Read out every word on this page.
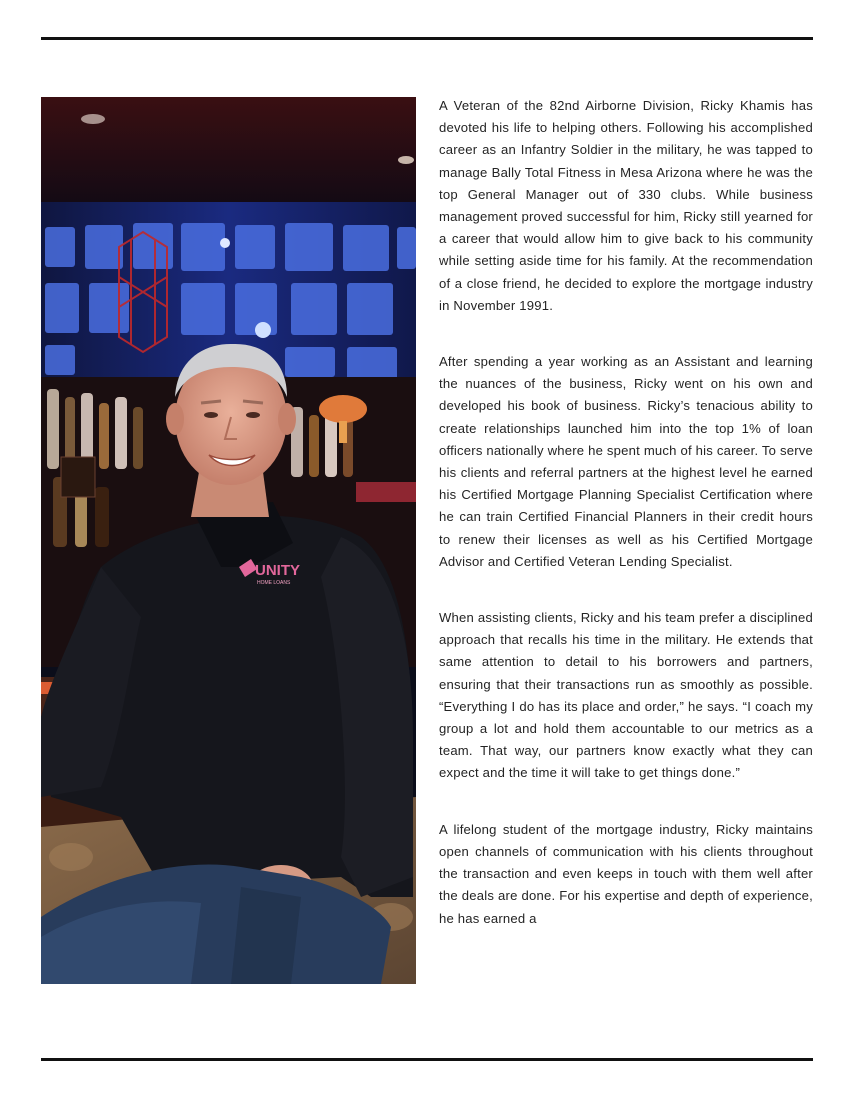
UNITY
HOME LOANS

A Veteran of the 82nd Airborne Division, Ricky Khamis has devoted his life to helping others. Following his accomplished career as an Infantry Soldier in the military, he was tapped to manage Bally Total Fitness in Mesa Arizona where he was the top General Manager out of 330 clubs. While business management proved successful for him, Ricky still yearned for a career that would allow him to give back to his community while setting aside time for his family. At the recommendation of a close friend, he decided to explore the mortgage industry in November 1991.

After spending a year working as an Assistant and learning the nuances of the business, Ricky went on his own and developed his book of business. Ricky’s tenacious ability to create relationships launched him into the top 1% of loan officers nationally where he spent much of his career. To serve his clients and referral partners at the highest level he earned his Certified Mortgage Planning Specialist Certification where he can train Certified Financial Planners in their credit hours to renew their licenses as well as his Certified Mortgage Advisor and Certified Veteran Lending Specialist.

When assisting clients, Ricky and his team prefer a disciplined approach that recalls his time in the military. He extends that same attention to detail to his borrowers and partners, ensuring that their transactions run as smoothly as possible. “Everything I do has its place and order,” he says. “I coach my group a lot and hold them accountable to our metrics as a team. That way, our partners know exactly what they can expect and the time it will take to get things done.”

A lifelong student of the mortgage industry, Ricky maintains open channels of communication with his clients throughout the transaction and even keeps in touch with them well after the deals are done. For his expertise and depth of experience, he has earned a
